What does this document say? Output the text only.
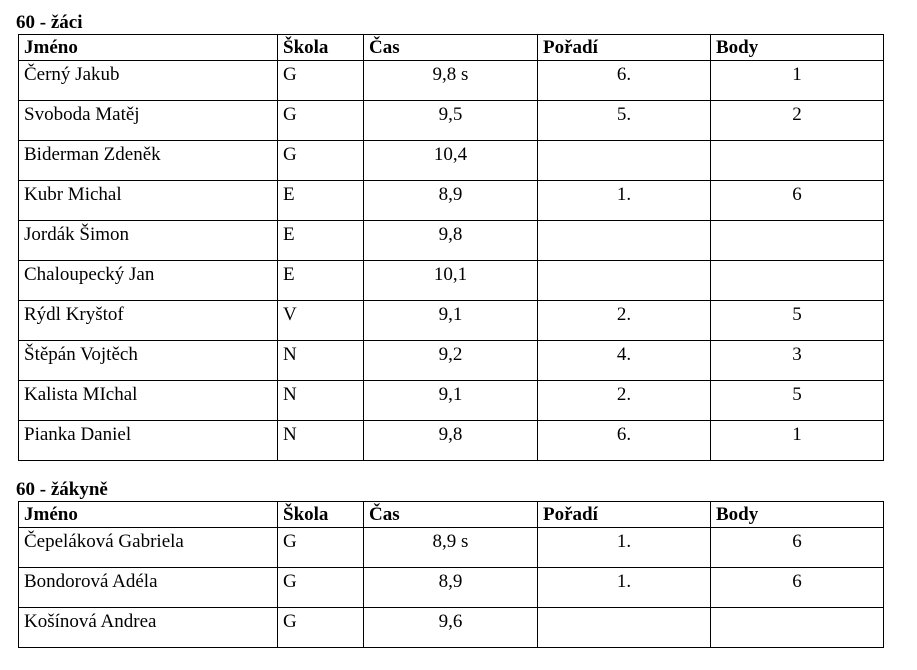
60 - žáci
Jméno	Škola	Čas	Pořadí	Body
Černý Jakub	G	9,8 s	6.	1
Svoboda Matěj	G	9,5	5.	2
Biderman Zdeněk	G	10,4		
Kubr Michal	E	8,9	1.	6
Jordák Šimon	E	9,8		
Chaloupecký Jan	E	10,1		
Rýdl Kryštof	V	9,1	2.	5
Štěpán Vojtěch	N	9,2	4.	3
Kalista MIchal	N	9,1	2.	5
Pianka Daniel	N	9,8	6.	1
60 - žákyně
Jméno	Škola	Čas	Pořadí	Body
Čepeláková Gabriela	G	8,9 s	1.	6
Bondorová Adéla	G	8,9	1.	6
Košínová Andrea	G	9,6		
